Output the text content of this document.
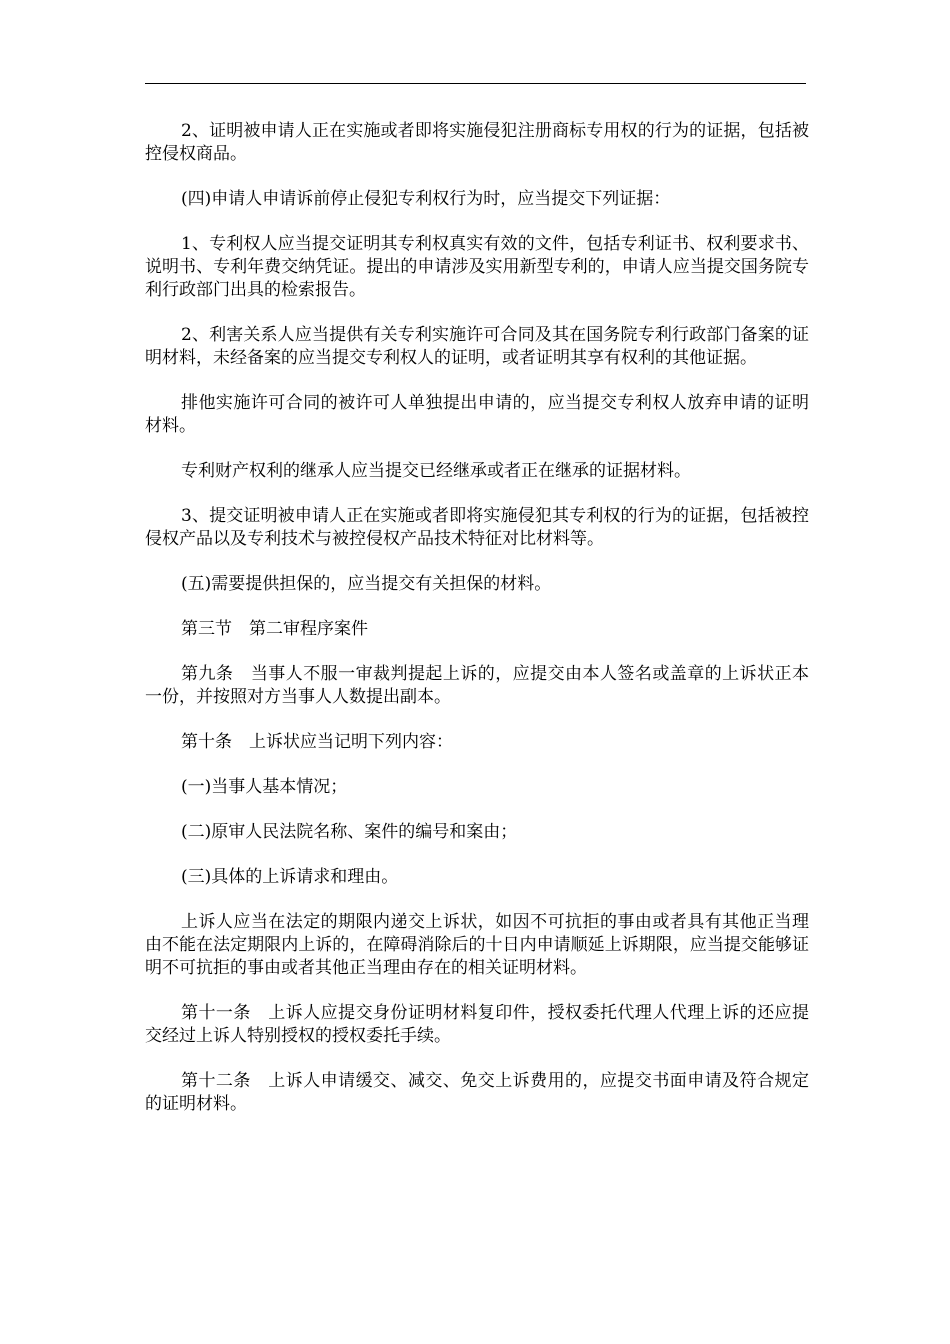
2、证明被申请人正在实施或者即将实施侵犯注册商标专用权的行为的证据，包括被控侵权商品。

(四)申请人申请诉前停止侵犯专利权行为时，应当提交下列证据：

1、专利权人应当提交证明其专利权真实有效的文件，包括专利证书、权利要求书、说明书、专利年费交纳凭证。提出的申请涉及实用新型专利的，申请人应当提交国务院专利行政部门出具的检索报告。

2、利害关系人应当提供有关专利实施许可合同及其在国务院专利行政部门备案的证明材料，未经备案的应当提交专利权人的证明，或者证明其享有权利的其他证据。

排他实施许可合同的被许可人单独提出申请的，应当提交专利权人放弃申请的证明材料。

专利财产权利的继承人应当提交已经继承或者正在继承的证据材料。

3、提交证明被申请人正在实施或者即将实施侵犯其专利权的行为的证据，包括被控侵权产品以及专利技术与被控侵权产品技术特征对比材料等。

(五)需要提供担保的，应当提交有关担保的材料。

第三节　第二审程序案件

第九条　当事人不服一审裁判提起上诉的，应提交由本人签名或盖章的上诉状正本一份，并按照对方当事人人数提出副本。

第十条　上诉状应当记明下列内容：

(一)当事人基本情况；

(二)原审人民法院名称、案件的编号和案由；

(三)具体的上诉请求和理由。

上诉人应当在法定的期限内递交上诉状，如因不可抗拒的事由或者具有其他正当理由不能在法定期限内上诉的，在障碍消除后的十日内申请顺延上诉期限，应当提交能够证明不可抗拒的事由或者其他正当理由存在的相关证明材料。

第十一条　上诉人应提交身份证明材料复印件，授权委托代理人代理上诉的还应提交经过上诉人特别授权的授权委托手续。

第十二条　上诉人申请缓交、减交、免交上诉费用的，应提交书面申请及符合规定的证明材料。
